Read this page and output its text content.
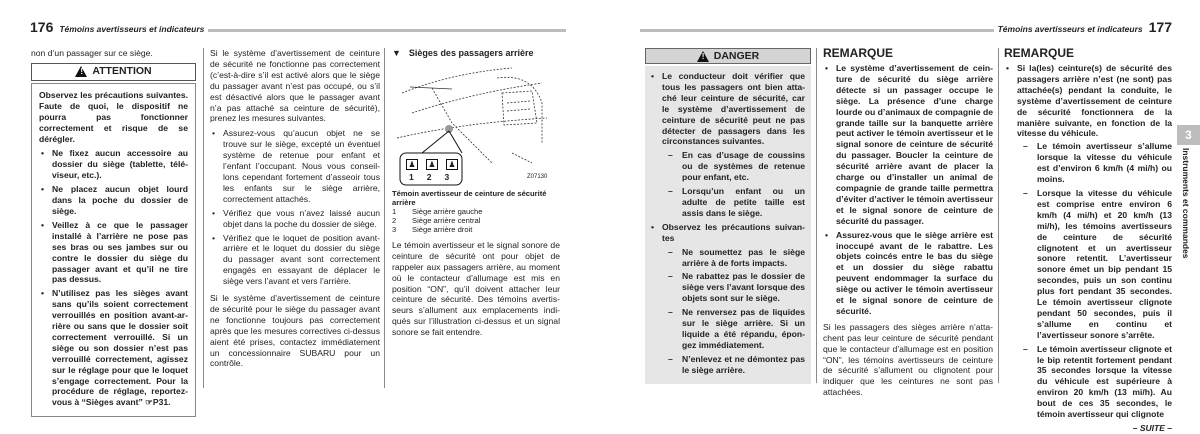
176 Témoins avertisseurs et indicateurs

non d’un passager sur ce siège.

! ATTENTION

Observez les précautions suivantes. Faute de quoi, le dispositif ne pourra pas fonctionner correctement et risque de se dérégler.

• Ne fixez aucun accessoire au dossier du siège (tablette, téléviseur, etc.).
• Ne placez aucun objet lourd dans la poche du dossier de siège.
• Veillez à ce que le passager installé à l’arrière ne pose pas ses bras ou ses jambes sur ou contre le dossier du siège du passager avant et qu’il ne tire pas dessus.
• N’utilisez pas les sièges avant sans qu’ils soient correctement verrouillés en position avant-arrière ou sans que le dossier soit correctement verrouillé. Si un siège ou son dossier n’est pas verrouillé correctement, agissez sur le réglage pour que le loquet s’engage correctement. Pour la procédure de réglage, reportez-vous à “Sièges avant” ☞P31.

Si le système d’avertissement de ceinture de sécurité ne fonctionne pas correctement (c’est-à-dire s’il est activé alors que le siège du passager avant n’est pas occupé, ou s’il est désactivé alors que le passager avant n’a pas attaché sa ceinture de sécurité), prenez les mesures suivantes.

• Assurez-vous qu’aucun objet ne se trouve sur le siège, excepté un éventuel système de retenue pour enfant et l’enfant l’occupant. Nous vous conseillons cependant fortement d’asseoir tous les enfants sur le siège arrière, correctement attachés.
• Vérifiez que vous n’avez laissé aucun objet dans la poche du dossier de siège.
• Vérifiez que le loquet de position avant-arrière et le loquet du dossier du siège du passager avant sont correctement engagés en essayant de déplacer le siège vers l’avant et vers l’arrière.

Si le système d’avertissement de ceinture de sécurité pour le siège du passager avant ne fonctionne toujours pas correctement après que les mesures correctives ci-dessus aient été prises, contactez immédiatement un concessionnaire SUBARU pour un contrôle.

▼ Sièges des passagers arrière
♟	♟	♟
1 2 3	Z07130
Témoin avertisseur de ceinture de sécurité arrière
1 Siège arrière gauche
2 Siège arrière central
3 Siège arrière droit

Le témoin avertisseur et le signal sonore de ceinture de sécurité ont pour objet de rappeler aux passagers arrière, au moment où le contacteur d’allumage est mis en position “ON”, qu’il doivent attacher leur ceinture de sécurité. Des témoins avertisseurs s’allument aux emplacements indiqués sur l’illustration ci-dessus et un signal sonore se fait entendre.

Témoins avertisseurs et indicateurs 177
3
Instruments et commandes
! DANGER
• Le conducteur doit vérifier que tous les passagers ont bien attaché leur ceinture de sécurité, car le système d’avertissement de ceinture de sécurité peut ne pas détecter de passagers dans les circonstances suivantes.
– En cas d’usage de coussins ou de systèmes de retenue pour enfant, etc.
– Lorsqu’un enfant ou un adulte de petite taille est assis dans le siège.
• Observez les précautions suivantes
– Ne soumettez pas le siège arrière à de forts impacts.
– Ne rabattez pas le dossier de siège vers l’avant lorsque des objets sont sur le siège.
– Ne renversez pas de liquides sur le siège arrière. Si un liquide a été répandu, épongez immédiatement.
– N’enlevez et ne démontez pas le siège arrière.
REMARQUE
• Le système d’avertissement de ceinture de sécurité du siège arrière détecte si un passager occupe le siège. La présence d’une charge lourde ou d’animaux de compagnie de grande taille sur la banquette arrière peut activer le témoin avertisseur et le signal sonore de ceinture de sécurité du passager. Boucler la ceinture de sécurité arrière avant de placer la charge ou d’installer un animal de compagnie de grande taille permettra d’éviter d’activer le témoin avertisseur et le signal sonore de ceinture de sécurité du passager.
• Assurez-vous que le siège arrière est inoccupé avant de le rabattre. Les objets coincés entre le bas du siège et un dossier du siège rabattu peuvent endommager la surface du siège ou activer le témoin avertisseur et le signal sonore de ceinture de sécurité.

Si les passagers des sièges arrière n’attachent pas leur ceinture de sécurité pendant que le contacteur d’allumage est en position “ON”, les témoins avertisseurs de ceinture de sécurité s’allument ou clignotent pour indiquer que les ceintures ne sont pas attachées.

REMARQUE
• Si la(les) ceinture(s) de sécurité des passagers arrière n’est (ne sont) pas attachée(s) pendant la conduite, le système d’avertissement de ceinture de sécurité fonctionnera de la manière suivante, en fonction de la vitesse du véhicule.
– Le témoin avertisseur s’allume lorsque la vitesse du véhicule est d’environ 6 km/h (4 mi/h) ou moins.
– Lorsque la vitesse du véhicule est comprise entre environ 6 km/h (4 mi/h) et 20 km/h (13 mi/h), les témoins avertisseurs de ceinture de sécurité clignotent et un avertisseur sonore retentit. L’avertisseur sonore émet un bip pendant 15 secondes, puis un son continu plus fort pendant 35 secondes. Le témoin avertisseur clignote pendant 50 secondes, puis il s’allume en continu et l’avertisseur sonore s’arrête.
– Le témoin avertisseur clignote et le bip retentit fortement pendant 35 secondes lorsque la vitesse du véhicule est supérieure à environ 20 km/h (13 mi/h). Au bout de ces 35 secondes, le témoin avertisseur qui clignote
– SUITE –
